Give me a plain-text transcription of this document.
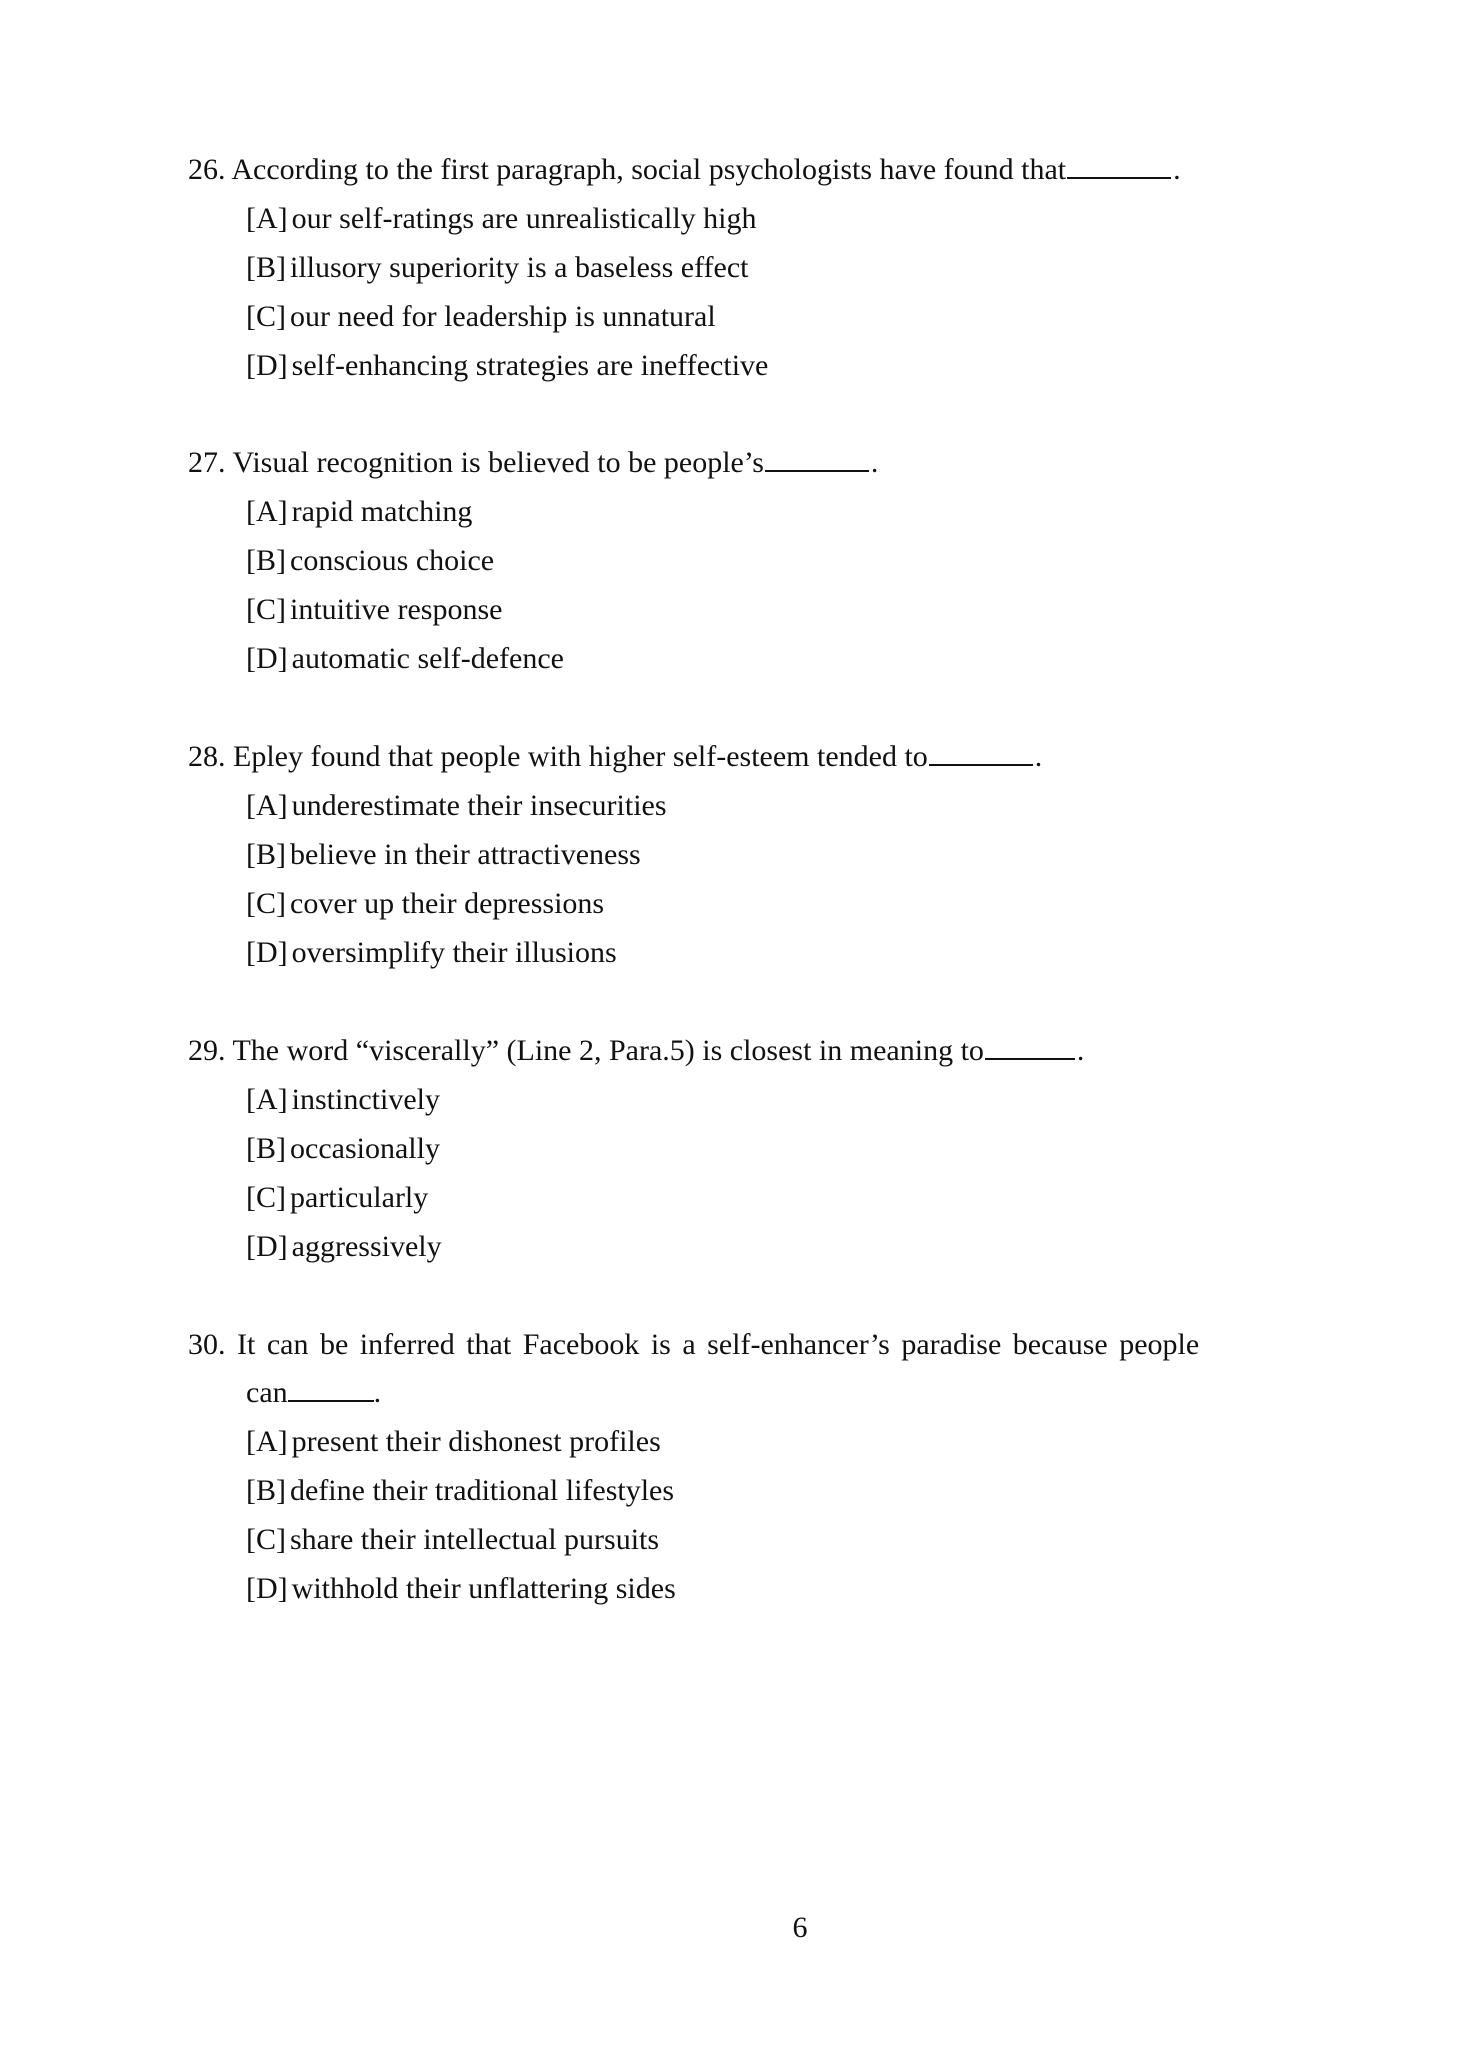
26. According to the first paragraph, social psychologists have found that	.
[A] our self-ratings are unrealistically high
[B] illusory superiority is a baseless effect
[C] our need for leadership is unnatural
[D] self-enhancing strategies are ineffective
27. Visual recognition is believed to be people’s	.
[A] rapid matching
[B] conscious choice
[C] intuitive response
[D] automatic self-defence
28. Epley found that people with higher self-esteem tended to	.
[A] underestimate their insecurities
[B] believe in their attractiveness
[C] cover up their depressions
[D] oversimplify their illusions
29. The word “viscerally” (Line 2, Para.5) is closest in meaning to	.
[A] instinctively
[B] occasionally
[C] particularly
[D] aggressively
30. It can be inferred that Facebook is a self-enhancer’s paradise because people
can	.
[A] present their dishonest profiles
[B] define their traditional lifestyles
[C] share their intellectual pursuits
[D] withhold their unflattering sides
6
